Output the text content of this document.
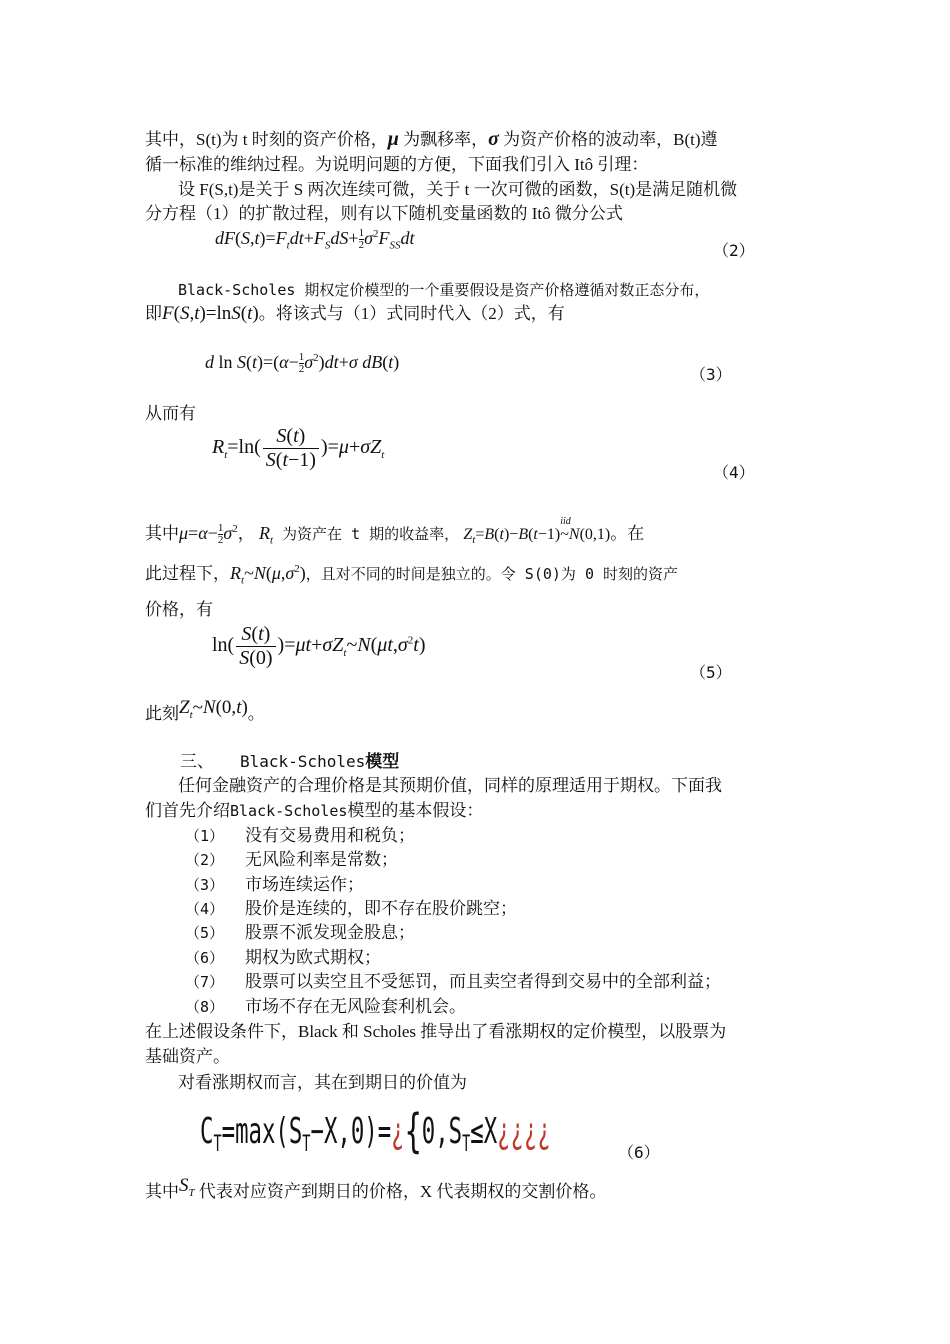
其中，S(t)为 t 时刻的资产价格，μ 为飘移率，σ 为资产价格的波动率，B(t)遵
循一标准的维纳过程。为说明问题的方便，下面我们引入 Itô 引理：
设 F(S,t)是关于 S 两次连续可微，关于 t 一次可微的函数，S(t)是满足随机微
分方程（1）的扩散过程，则有以下随机变量函数的 Itô 微分公式
$dF(S,t)=F_tdt+F_SdS+ \frac{1}{2}\sigma^2F_{SS}dt$
（2）
Black-Scholes 期权定价模型的一个重要假设是资产价格遵循对数正态分布，
即F(S,t)=lnS(t)。将该式与（1）式同时代入（2）式，有
d $\ln S(t)=(\alpha- \frac{1}{2}\sigma^2)dt+\sigma$ dB(t)
（3）
从而有
$R_t=\ln( \frac{S(t)}{S(t-1)} )=\mu+\sigma Z_t$
（4）
其中$\mu=\alpha- \frac{1}{2}\sigma^2$， $R_t$ 为资产在 t 期的收益率， $Z_t=B(t)-B(t-1)$
iid
~N(0,1)。在
此过程下，$R_t\sim N(\mu,\sigma^2)$，且对不同的时间是独立的。令 S(0)为 0 时刻的资产
价格，有
$\ln( \frac{S(t)}{S(0)}$ )$=\mu t+\sigma Z_t\sim N(\mu t,\sigma^2t)$
（5）
此刻$Z_t\sim N(0,t)$。
三、 Black-Scholes模型
任何金融资产的合理价格是其预期价值，同样的原理适用于期权。下面我
们首先介绍Black-Scholes模型的基本假设：
（1） 没有交易费用和税负；
（2） 无风险利率是常数；
（3） 市场连续运作；
（4） 股价是连续的，即不存在股价跳空；
（5） 股票不派发现金股息；
（6） 期权为欧式期权；
（7） 股票可以卖空且不受惩罚，而且卖空者得到交易中的全部利益；
（8） 市场不存在无风险套利机会。
在上述假设条件下，Black 和 Scholes 推导出了看涨期权的定价模型，以股票为
基础资产。
对看涨期权而言，其在到期日的价值为
$C_T=\max(S_T-X,0)=¿\{0,S_T\le X¿¿¿¿$
（6）
其中$S_T$ 代表对应资产到期日的价格，X 代表期权的交割价格。
